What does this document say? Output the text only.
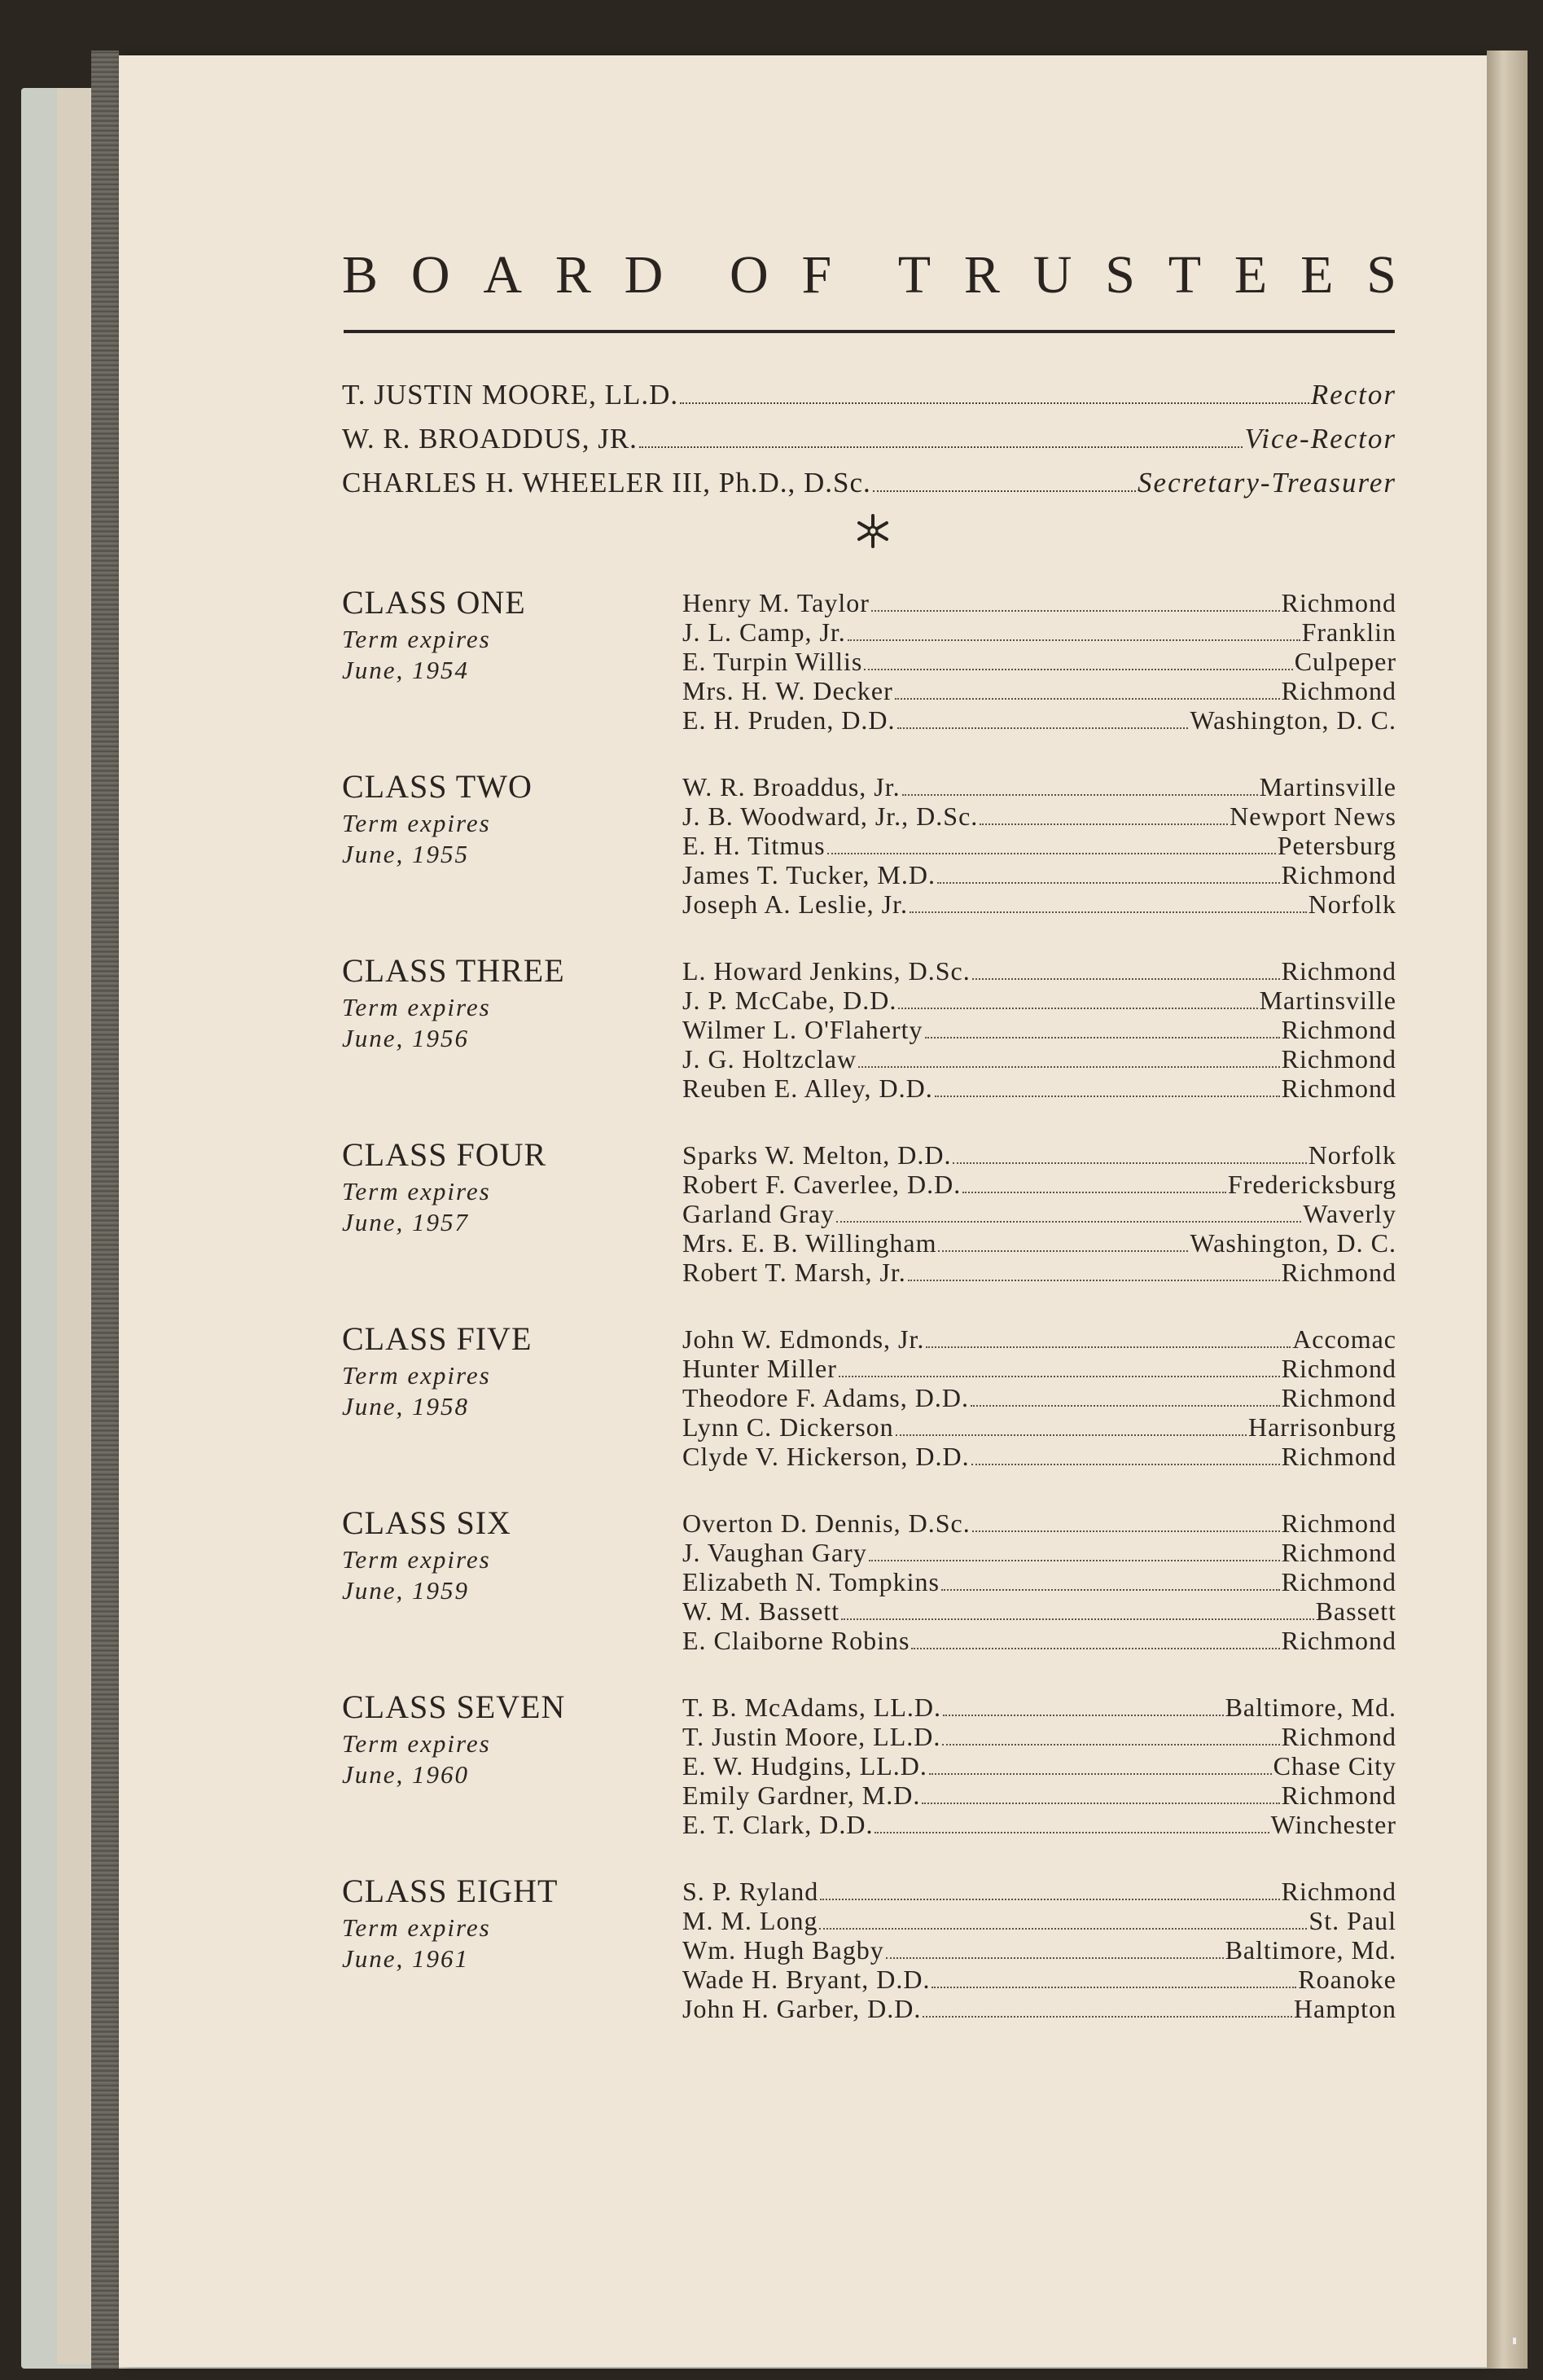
B O A R D O F T R U S T E E S
T. JUSTIN MOORE, LL.D.	Rector
W. R. BROADDUS, JR.	Vice-Rector
CHARLES H. WHEELER III, Ph.D., D.Sc.	Secretary-Treasurer
CLASS ONE
Term expires
June, 1954
Henry M. Taylor	Richmond
J. L. Camp, Jr.	Franklin
E. Turpin Willis	Culpeper
Mrs. H. W. Decker	Richmond
E. H. Pruden, D.D.	Washington, D. C.
CLASS TWO
Term expires
June, 1955
W. R. Broaddus, Jr.	Martinsville
J. B. Woodward, Jr., D.Sc.	Newport News
E. H. Titmus	Petersburg
James T. Tucker, M.D.	Richmond
Joseph A. Leslie, Jr.	Norfolk
CLASS THREE
Term expires
June, 1956
L. Howard Jenkins, D.Sc.	Richmond
J. P. McCabe, D.D.	Martinsville
Wilmer L. O'Flaherty	Richmond
J. G. Holtzclaw	Richmond
Reuben E. Alley, D.D.	Richmond
CLASS FOUR
Term expires
June, 1957
Sparks W. Melton, D.D.	Norfolk
Robert F. Caverlee, D.D.	Fredericksburg
Garland Gray	Waverly
Mrs. E. B. Willingham	Washington, D. C.
Robert T. Marsh, Jr.	Richmond
CLASS FIVE
Term expires
June, 1958
John W. Edmonds, Jr.	Accomac
Hunter Miller	Richmond
Theodore F. Adams, D.D.	Richmond
Lynn C. Dickerson	Harrisonburg
Clyde V. Hickerson, D.D.	Richmond
CLASS SIX
Term expires
June, 1959
Overton D. Dennis, D.Sc.	Richmond
J. Vaughan Gary	Richmond
Elizabeth N. Tompkins	Richmond
W. M. Bassett	Bassett
E. Claiborne Robins	Richmond
CLASS SEVEN
Term expires
June, 1960
T. B. McAdams, LL.D.	Baltimore, Md.
T. Justin Moore, LL.D.	Richmond
E. W. Hudgins, LL.D.	Chase City
Emily Gardner, M.D.	Richmond
E. T. Clark, D.D.	Winchester
CLASS EIGHT
Term expires
June, 1961
S. P. Ryland	Richmond
M. M. Long	St. Paul
Wm. Hugh Bagby	Baltimore, Md.
Wade H. Bryant, D.D.	Roanoke
John H. Garber, D.D.	Hampton
